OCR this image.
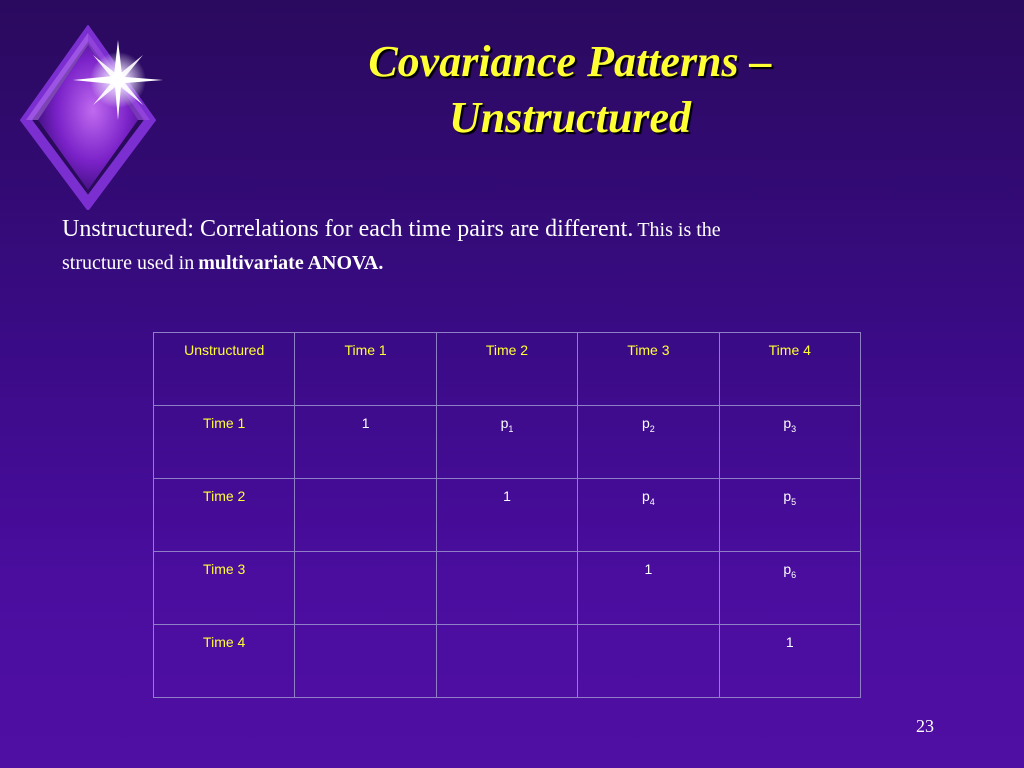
Covariance Patterns –
Unstructured
Unstructured: Correlations for each time pairs are different. This is the
structure used in multivariate ANOVA.
Unstructured	Time 1	Time 2	Time 3	Time 4
Time 1	1	$p_1$	$p_2$	$p_3$
Time 2		1	$p_4$	$p_5$
Time 3			1	$p_6$
Time 4				1
23
